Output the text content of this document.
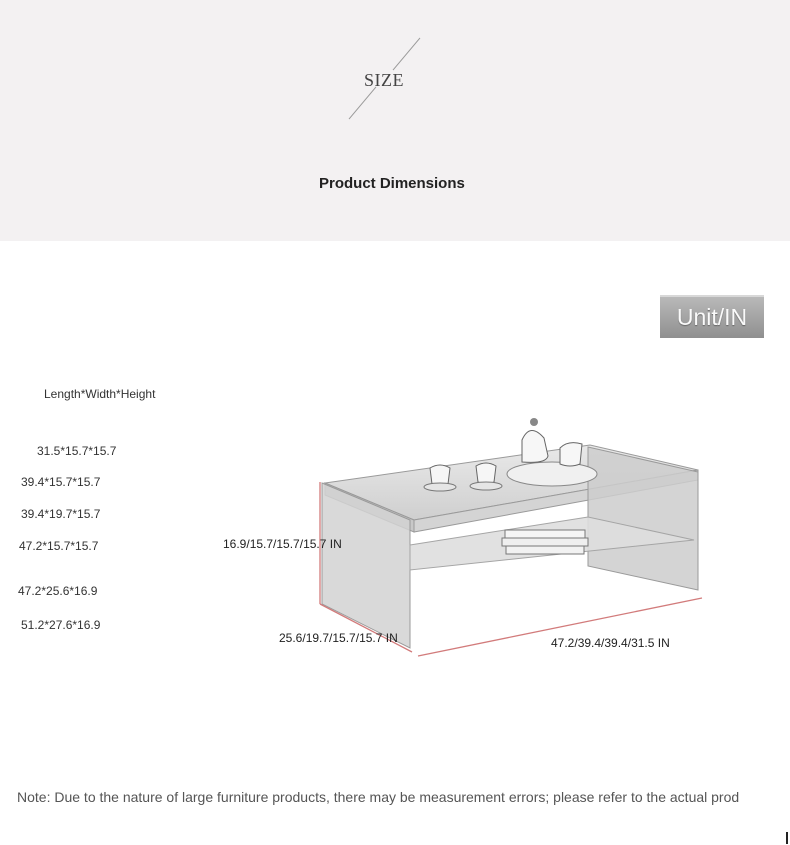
SIZE
Product Dimensions
Unit/IN
Length*Width*Height
31.5*15.7*15.7
39.4*15.7*15.7
39.4*19.7*15.7
47.2*15.7*15.7
47.2*25.6*16.9
51.2*27.6*16.9
16.9/15.7/15.7/15.7 IN
25.6/19.7/15.7/15.7 IN	47.2/39.4/39.4/31.5 IN
Note: Due to the nature of large furniture products, there may be measurement errors; please refer to the actual prod
